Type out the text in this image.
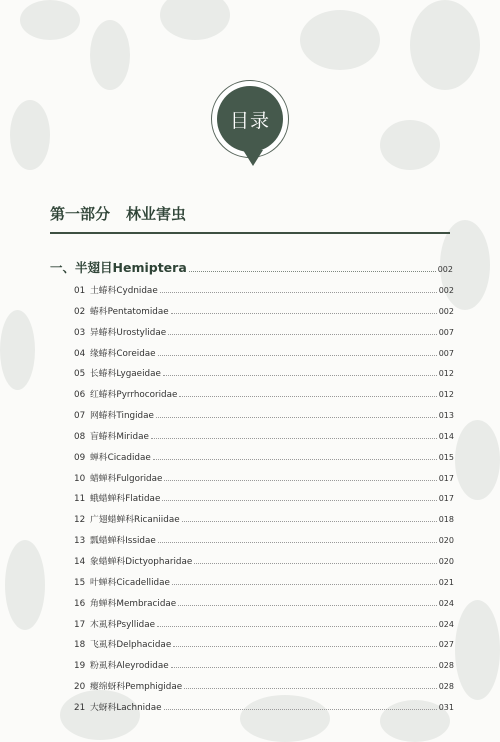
目录
第一部分 林业害虫
一、半翅目Hemiptera	002
01 土蝽科Cydnidae	002
02 蝽科Pentatomidae	002
03 异蝽科Urostylidae	007
04 缘蝽科Coreidae	007
05 长蝽科Lygaeidae	012
06 红蝽科Pyrrhocoridae	012
07 网蝽科Tingidae	013
08 盲蝽科Miridae	014
09 蝉科Cicadidae	015
10 蜡蝉科Fulgoridae	017
11 蛾蜡蝉科Flatidae	017
12 广翅蜡蝉科Ricaniidae	018
13 瓢蜡蝉科Issidae	020
14 象蜡蝉科Dictyopharidae	020
15 叶蝉科Cicadellidae	021
16 角蝉科Membracidae	024
17 木虱科Psyllidae	024
18 飞虱科Delphacidae	027
19 粉虱科Aleyrodidae	028
20 瘿绵蚜科Pemphigidae	028
21 大蚜科Lachnidae	031
